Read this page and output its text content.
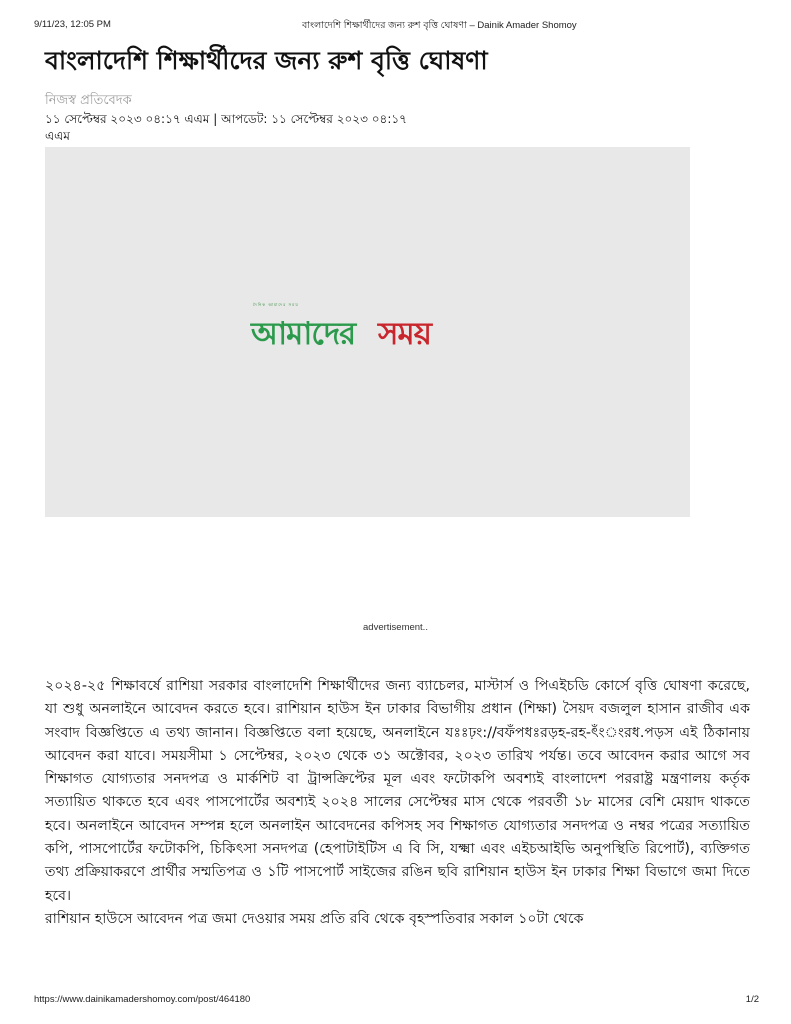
9/11/23, 12:05 PM	বাংলাদেশি শিক্ষার্থীদের জন্য রুশ বৃত্তি ঘোষণা – Dainik Amader Shomoy
বাংলাদেশি শিক্ষার্থীদের জন্য রুশ বৃত্তি ঘোষণা
নিজস্ব প্রতিবেদক
১১ সেপ্টেম্বর ২০২৩ ০৪:১৭ এএম | আপডেট: ১১ সেপ্টেম্বর ২০২৩ ০৪:১৭ এএম
দৈনিক আমাদের সময়
আমাদের সময়
advertisement..

২০২৪-২৫ শিক্ষাবর্ষে রাশিয়া সরকার বাংলাদেশি শিক্ষার্থীদের জন্য ব্যাচেলর, মাস্টার্স ও পিএইচডি কোর্সে বৃত্তি ঘোষণা করেছে, যা শুধু অনলাইনে আবেদন করতে হবে। রাশিয়ান হাউস ইন ঢাকার বিভাগীয় প্রধান (শিক্ষা) সৈয়দ বজলুল হাসান রাজীব এক সংবাদ বিজ্ঞপ্তিতে এ তথ্য জানান। বিজ্ঞপ্তিতে বলা হয়েছে, অনলাইনে যঃঃঢ়ং://বফঁপধঃরড়হ-রহ-ৎঁংংরধ.পড়স এই ঠিকানায় আবেদন করা যাবে। সময়সীমা ১ সেপ্টেম্বর, ২০২৩ থেকে ৩১ অক্টোবর, ২০২৩ তারিখ পর্যন্ত। তবে আবেদন করার আগে সব শিক্ষাগত যোগ্যতার সনদপত্র ও মার্কশিট বা ট্রান্সক্রিপ্টের মূল এবং ফটোকপি অবশ্যই বাংলাদেশ পররাষ্ট্র মন্ত্রণালয় কর্তৃক সত্যায়িত থাকতে হবে এবং পাসপোর্টের অবশ্যই ২০২৪ সালের সেপ্টেম্বর মাস থেকে পরবর্তী ১৮ মাসের বেশি মেয়াদ থাকতে হবে। অনলাইনে আবেদন সম্পন্ন হলে অনলাইন আবেদনের কপিসহ সব শিক্ষাগত যোগ্যতার সনদপত্র ও নম্বর পত্রের সত্যায়িত কপি, পাসপোর্টের ফটোকপি, চিকিৎসা সনদপত্র (হেপাটাইটিস এ বি সি, যক্ষ্মা এবং এইচআইভি অনুপস্থিতি রিপোর্ট), ব্যক্তিগত তথ্য প্রক্রিয়াকরণে প্রার্থীর সম্মতিপত্র ও ১টি পাসপোর্ট সাইজের রঙিন ছবি রাশিয়ান হাউস ইন ঢাকার শিক্ষা বিভাগে জমা দিতে হবে।

রাশিয়ান হাউসে আবেদন পত্র জমা দেওয়ার সময় প্রতি রবি থেকে বৃহস্পতিবার সকাল ১০টা থেকে

https://www.dainikamadershomoy.com/post/464180	1/2
